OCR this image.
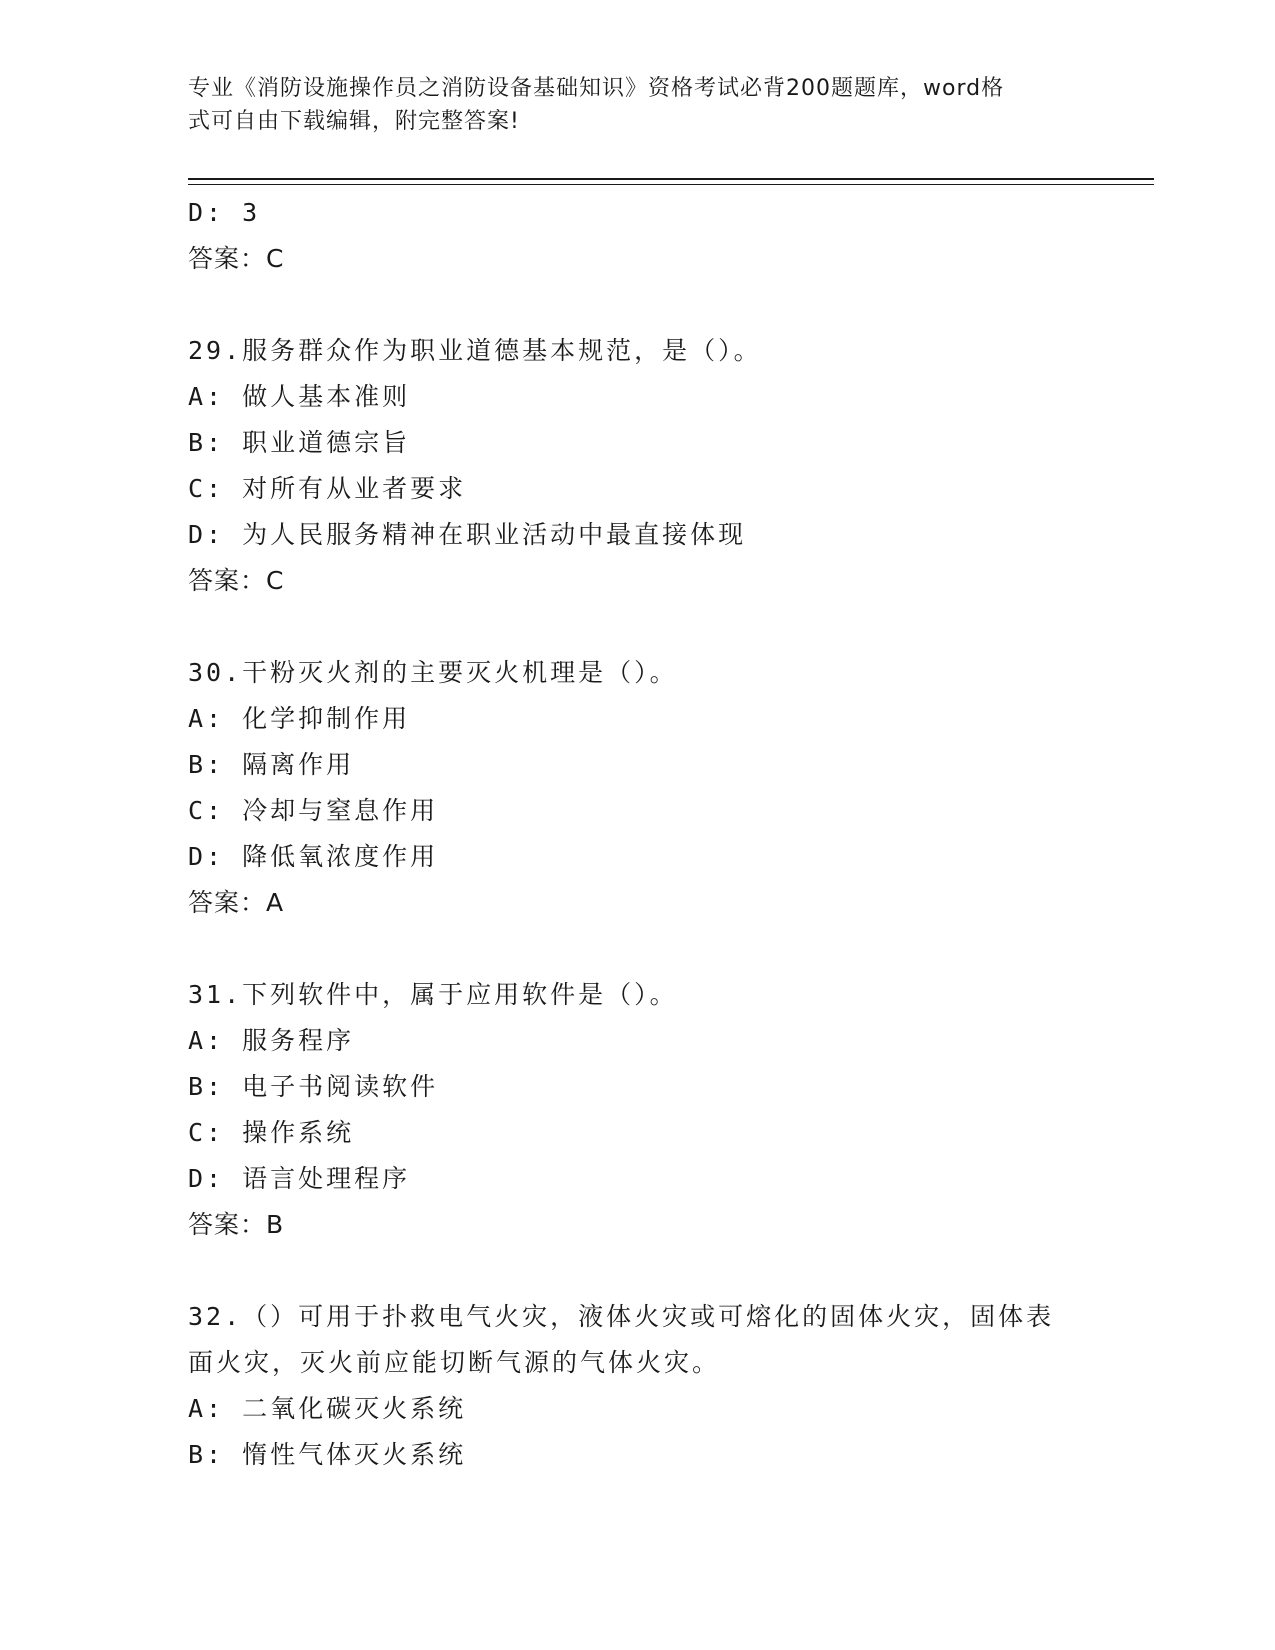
专业《消防设施操作员之消防设备基础知识》资格考试必背200题题库，word格
式可自由下载编辑，附完整答案!
D: 3
答案：C
29.服务群众作为职业道德基本规范，是（）。
A: 做人基本准则
B: 职业道德宗旨
C: 对所有从业者要求
D: 为人民服务精神在职业活动中最直接体现
答案：C
30.干粉灭火剂的主要灭火机理是（）。
A: 化学抑制作用
B: 隔离作用
C: 冷却与窒息作用
D: 降低氧浓度作用
答案：A
31.下列软件中，属于应用软件是（）。
A: 服务程序
B: 电子书阅读软件
C: 操作系统
D: 语言处理程序
答案：B
32.（）可用于扑救电气火灾，液体火灾或可熔化的固体火灾，固体表
面火灾，灭火前应能切断气源的气体火灾。
A: 二氧化碳灭火系统
B: 惰性气体灭火系统
